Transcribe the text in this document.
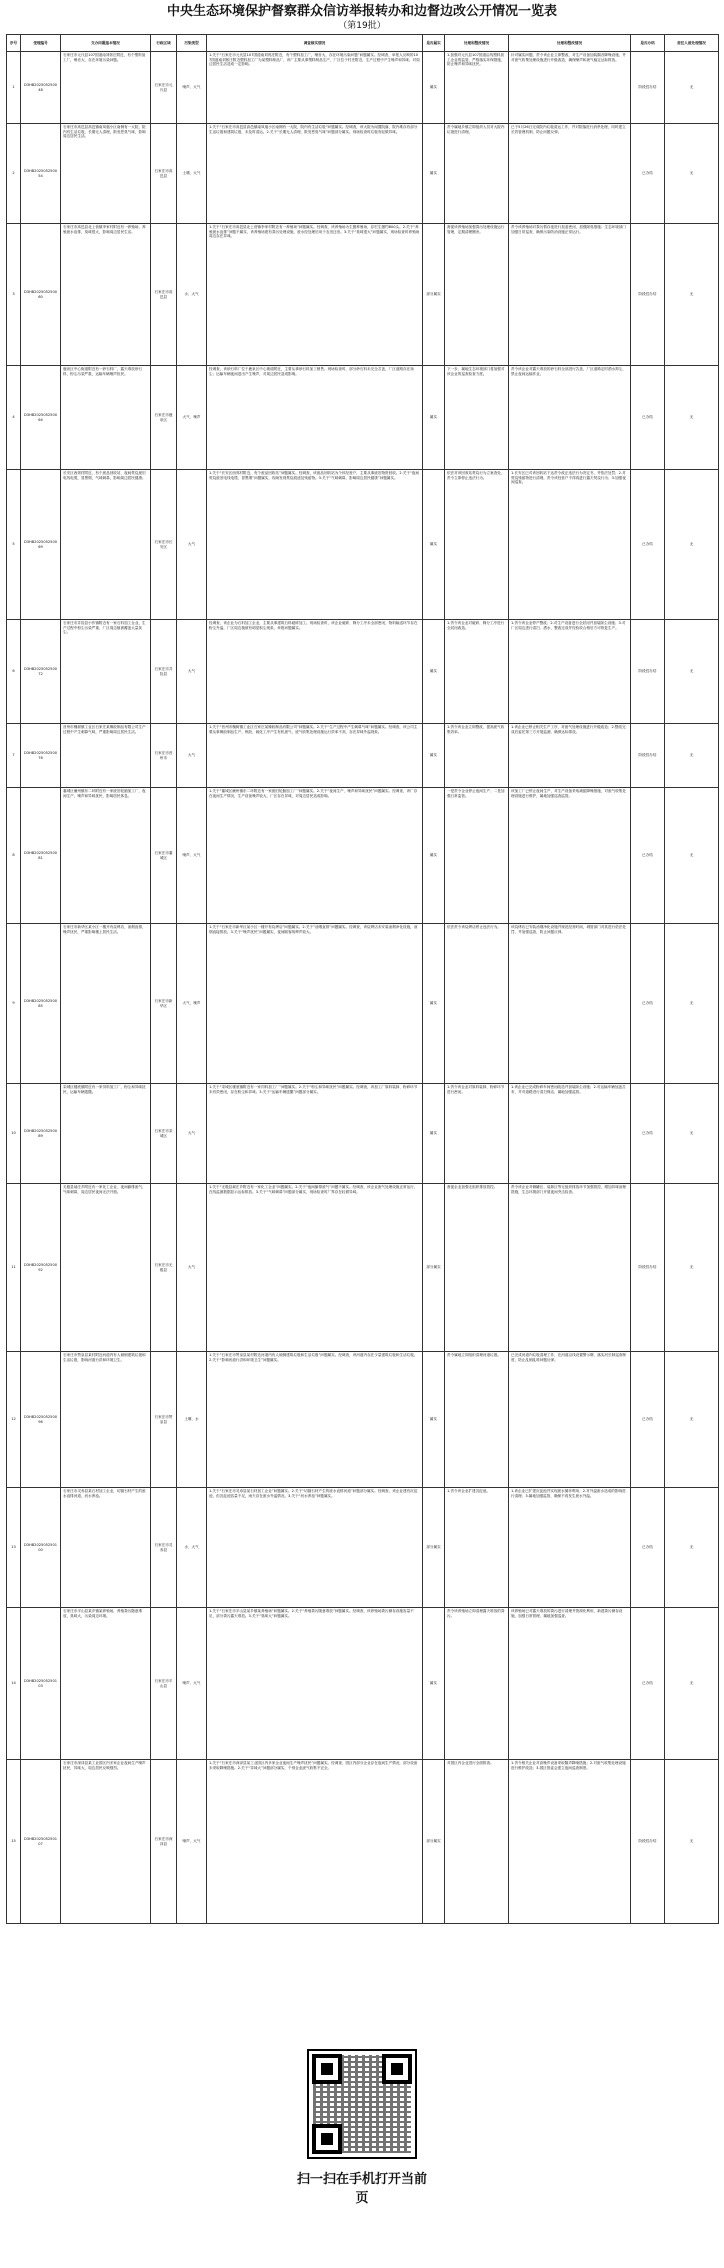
中央生态环境保护督察群众信访举报转办和边督边改公开情况一览表
（第19批）
序号	受理编号	交办问题基本情况	行政区域	污染类型	调查核实情况	是否属实	处理和整改情况	处理和整改情况	是否办结	责任人被处理情况
1	D3HB202505250048	石家庄市元氏县107国道南刘郭庄附近，有个塑料加工厂，噪音大，存在环境污染问题。	石家庄市元氏县	噪声、大气	1.关于“石家庄市元氏县107国道南刘郭庄附近，有个塑料加工厂，噪音大，存在环境污染问题”问题属实。经调查，举报人反映的107国道南刘郭庄附近塑料加工厂为某塑料制品厂，该厂主要从事塑料制品生产，厂区位于村庄附近，生产过程中产生噪声和异味，对周边居民生活造成一定影响。	属实	1.加强对元氏县107国道沿线塑料加工企业的监管，严格落实环保措施，防止噪声和异味扰民。	针对属实问题，责令该企业立即整改，对生产设备加装隔音降噪设施，并对废气收集处理设施进行升级改造，确保噪声和废气稳定达标排放。	阶段性办结	无
2	D3HB202505250054	石家庄市高邑县高邑镇南凤凰小区南侧有一大院，院内有生活垃圾，长期无人清理，散发恶臭气味，影响周边居民生活。	石家庄市高邑县	土壤、大气	1.关于“石家庄市高邑县高邑镇南凤凰小区南侧有一大院，院内有生活垃圾”问题属实。经调查，该大院为闲置院落，院内堆存有部分生活垃圾和建筑垃圾，未及时清运。2.关于“长期无人清理，散发恶臭气味”问题部分属实。现场检查时垃圾有轻微异味。	属实	责令属地乡镇立即组织人员对大院内垃圾进行清理。	已于5月26日完成院内垃圾清运工作，并对院落进行消杀处理，同时建立长效管理机制，防止问题反弹。	已办结	无
3	D3HB202505250060	石家庄市高邑县北上营镇李家村附近有一养殖场，养殖废水直排，臭味很大，影响周边居民生活。	石家庄市高邑县	水、大气	1.关于“石家庄市高邑县北上营镇李家村附近有一养殖场”问题属实。经调查，该养殖场为生猪养殖场，存栏生猪约800头。2.关于“养殖废水直排”问题不属实，该养殖场建有粪污处理设施，废水经处理后用于农田还田。3.关于“臭味很大”问题属实，现场检查时养殖场周边存在异味。	部分属实	督促该养殖场加强粪污处理设施运行管理，定期清理圈舍。	责令该养殖场对粪污暂存池进行加盖密闭，加强除臭措施；生态环境部门加强日常巡查，确保污染防治设施正常运行。	阶段性办结	无
4	D3HB202505250064	鹿泉区中心街道附近有一砂石料厂，露天堆放砂石料，粉尘污染严重，运输车辆噪声扰民。	石家庄市鹿泉区	大气、噪声	经调查，该砂石料厂位于鹿泉区中心街道附近，主要从事砂石料加工销售。现场检查时，部分砂石料未完全苫盖，厂区道路存在扬尘；运输车辆夜间进出产生噪声，对周边居民造成影响。	属实	下一步，属地生态环境部门将加强对该企业的巡查检查力度。	责令该企业对露天堆放的砂石料全部进行苫盖，厂区道路定时洒水抑尘，禁止夜间运输作业。	已办结	无
5	D3HB202505250069	长安区西郊村附近，有个废品回收站，夜间焚烧废旧电线电缆，冒黑烟，气味刺鼻，影响周边居民健康。	石家庄市长安区	大气	1.关于“长安区西郊村附近，有个废品回收站”问题属实。经调查，该废品回收站为个体经营户，主要从事废旧物资回收。2.关于“夜间焚烧废旧电线电缆，冒黑烟”问题属实，现场发现焚烧痕迹及残留物。3.关于“气味刺鼻，影响周边居民健康”问题属实。	属实	依法对该回收站焚烧行为立案查处，责令立即停止违法行为。	1.长安区已对该回收站下达责令改正违法行为决定书，并依法处罚；2.对焚烧残留物进行清理，责令该经营户不得再进行露天焚烧行为；3.加强夜间巡查。	已办结	无
6	D3HB202505250072	石家庄市井陉县小作镇附近有一家石料加工企业，生产过程中粉尘污染严重，厂区周边植被覆盖大量灰尘。	石家庄市井陉县	大气	经调查，该企业为石料加工企业，主要从事建筑石料破碎加工。现场检查时，该企业破碎、筛分工序未全部密闭，物料输送环节存在粉尘外溢，厂区周边植被有明显积尘现象，举报问题属实。	属实	1.责令该企业对破碎、筛分工序进行全封闭改造。	1.责令该企业停产整改；2.对生产设备进行全封闭并加装除尘设施；3.对厂区周边进行清扫、洒水，整改完成并经验收合格后方可恢复生产。	阶段性办结	无
7	D3HB202505250076	晋州市槐树镇工业区石家庄某橡胶制品有限公司生产过程中产生刺鼻气味，严重影响周边居民生活。	石家庄市晋州市	大气	1.关于“晋州市槐树镇工业区石家庄某橡胶制品有限公司”问题属实。2.关于“生产过程中产生刺鼻气味”问题属实。经调查，该公司主要从事橡胶制品生产，炼胶、硫化工序产生有机废气，废气收集处理设施运行效率不高，存在异味外溢现象。	属实	1.责令该企业立即整改，提高废气收集效率。	1.该企业已停止相关生产工序，对废气处理设施进行升级改造；2.整改完成后委托第三方开展监测，确保达标排放。	阶段性办结	无
8	D3HB202505250081	藁城区廉州镇东二环附近有一家废旧轮胎加工厂，夜间生产，噪声和异味扰民，影响居民休息。	石家庄市藁城区	噪声、大气	1.关于“藁城区廉州镇东二环附近有一家废旧轮胎加工厂”问题属实。2.关于“夜间生产，噪声和异味扰民”问题属实。经调查，该厂存在夜间生产情况，生产设备噪声较大，厂区存在异味，对周边居民造成影响。	属实	一是责令企业停止夜间生产；二是加强日常监管。	该加工厂已停止夜间生产，对生产设备采取减振降噪措施，对废气收集处理设施进行维护，属地加强巡查监管。	已办结	无
9	D3HB202505250085	石家庄市新华区某小区一楼开有烧烤店，油烟直排，噪声扰民，严重影响楼上居民生活。	石家庄市新华区	大气、噪声	1.关于“石家庄市新华区某小区一楼开有烧烤店”问题属实。2.关于“油烟直排”问题属实。经调查，该烧烤店未安装油烟净化设施，油烟直接排放。3.关于“噪声扰民”问题属实，夜间顾客喧哗声较大。	属实	依法责令该烧烤店停止违法行为。	该烧烤店已安装油烟净化设施并规范经营时间，城管部门对其进行依法处罚，并加强巡查，防止问题反弹。	已办结	无
10	D3HB202505250089	栾城区楼底镇附近有一家饲料加工厂，粉尘和异味扰民，运输车辆遗撒。	石家庄市栾城区	大气	1.关于“栾城区楼底镇附近有一家饲料加工厂”问题属实。2.关于“粉尘和异味扰民”问题属实。经调查，该加工厂原料装卸、粉碎环节未有效密闭，存在粉尘和异味。3.关于“运输车辆遗撒”问题部分属实。	属实	1.责令该企业对原料装卸、粉碎环节进行密闭。	1.该企业已完成粉碎车间密闭改造并加装除尘设施；2.对运输车辆加盖苫布，并对道路进行清扫保洁，属地加强监管。	已办结	无
11	D3HB202505250092	无极县郝庄乡附近有一家化工企业，夜间偷排废气，气味刺鼻，周边居民夜间无法开窗。	石家庄市无极县	大气	1.关于“无极县郝庄乡附近有一家化工企业”问题属实。2.关于“夜间偷排废气”问题不属实。经调查，该企业废气处理设施正常运行，在线监测数据显示达标排放。3.关于“气味刺鼻”问题部分属实，现场检查时厂界存在轻微异味。	部分属实	督促企业加强无组织排放管控。	责令该企业对储罐区、装卸区等无组织排放环节加强管控，增加异味治理措施，生态环境部门开展夜间突击检查。	阶段性办结	无
12	D3HB202505250096	石家庄市赞皇县某村附近河道内有人倾倒建筑垃圾和生活垃圾，影响河道行洪和环境卫生。	石家庄市赞皇县	土壤、水	1.关于“石家庄市赞皇县某村附近河道内有人倾倒建筑垃圾和生活垃圾”问题属实。经调查，该河道内存在少量建筑垃圾和生活垃圾。2.关于“影响河道行洪和环境卫生”问题属实。	属实	责令属地立即组织清理河道垃圾。	已完成河道内垃圾清理工作，在河道沿线设置警示牌，落实河长制巡查制度，防止乱倒乱堆问题反弹。	已办结	无
13	D3HB202505250100	石家庄市灵寿县某石材加工企业，切割石材产生的废水直排河道，河水浑浊。	石家庄市灵寿县	水、大气	1.关于“石家庄市灵寿县某石材加工企业”问题属实。2.关于“切割石材产生的废水直排河道”问题部分属实。经调查，该企业建有沉淀池，但沉淀池容量不足，雨天存在废水外溢情况。3.关于“河水浑浊”问题属实。	部分属实	1.责令该企业扩建沉淀池。	1.该企业已扩建沉淀池并实现废水循环利用；2.对外溢废水造成的影响进行清理；3.属地加强监管，确保不再发生废水外溢。	已办结	无
14	D3HB202505250103	石家庄市平山县某乡镇某养殖场，养殖粪污随意堆放，臭味大，污染周边环境。	石家庄市平山县	噪声、大气	1.关于“石家庄市平山县某乡镇某养殖场”问题属实。2.关于“养殖粪污随意堆放”问题属实。经调查，该养殖场粪污储存设施容量不足，部分粪污露天堆放。3.关于“臭味大”问题属实。	属实	责令该养殖场立即清理露天堆放的粪污。	该养殖场已对露天堆放的粪污进行清理并资源化利用，新建粪污储存设施，加强日常管理，属地加强巡查。	已办结	无
15	D3HB202505250107	石家庄市深泽县某工业园区内多家企业夜间生产噪声扰民，异味大，周边居民反映强烈。	石家庄市深泽县	噪声、大气	1.关于“石家庄市深泽县某工业园区内多家企业夜间生产噪声扰民”问题属实。经调查，园区内部分企业存在夜间生产情况，部分设备未采取降噪措施。2.关于“异味大”问题部分属实，个别企业废气收集不完全。	部分属实	对园区内企业进行全面排查。	1.责令相关企业对高噪声设备采取隔声降噪措施；2.对废气收集处理设施进行维护改造；3.园区管委会建立夜间巡查制度。	阶段性办结	无
扫一扫在手机打开当前页
